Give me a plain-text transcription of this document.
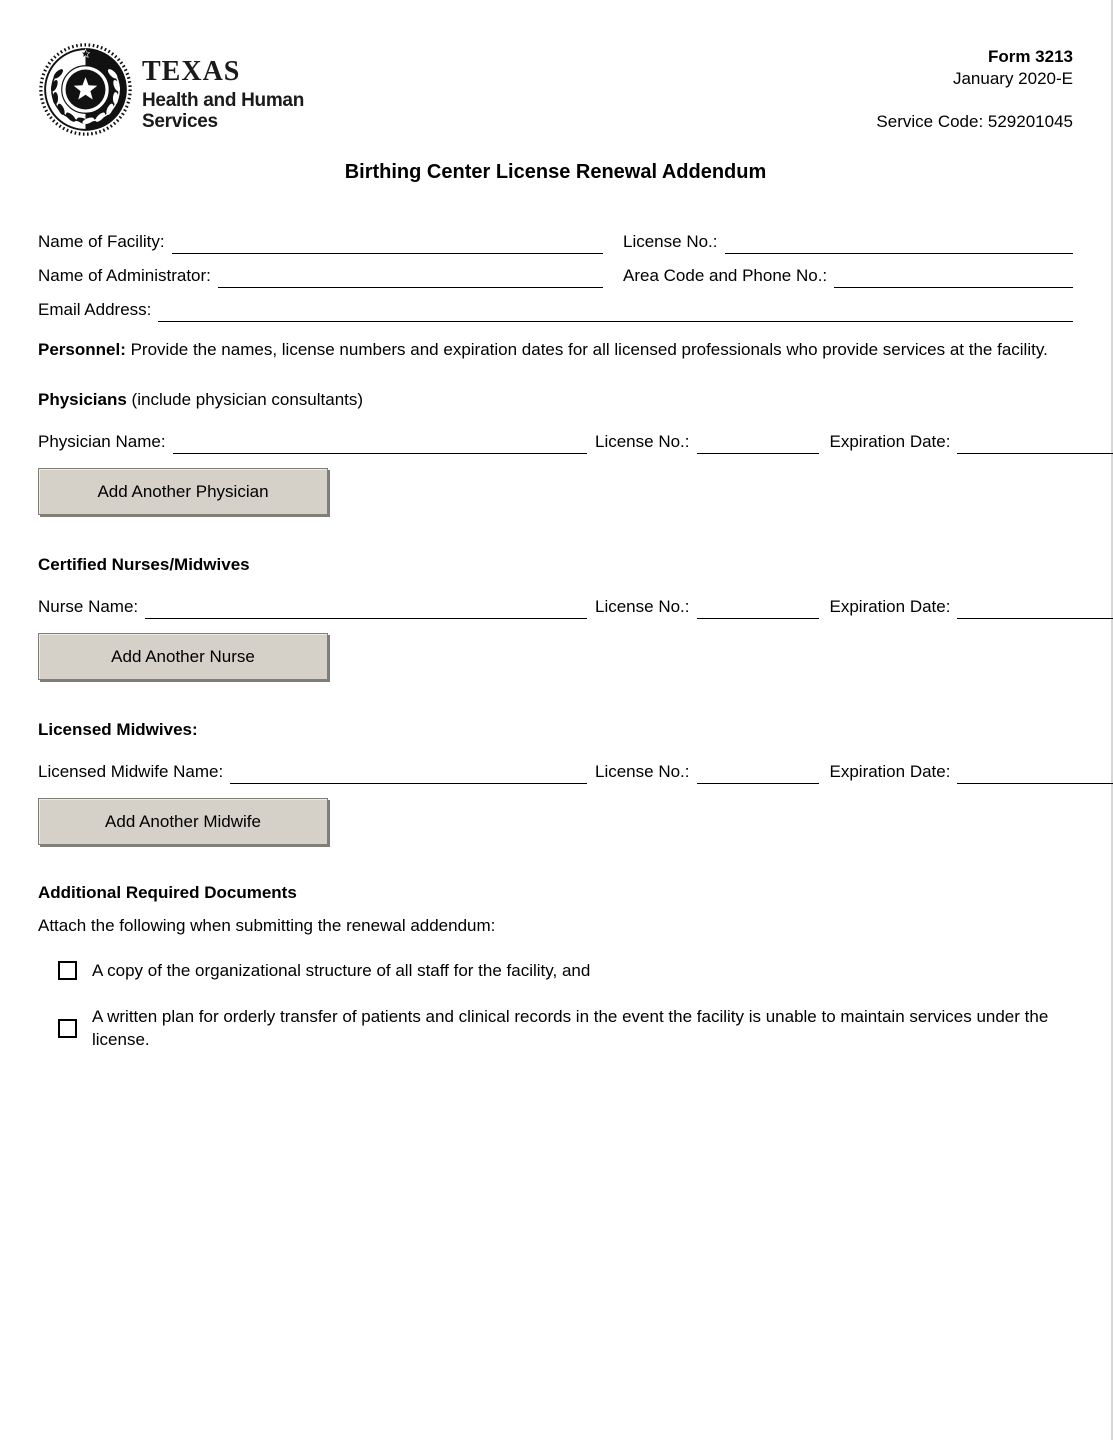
TEXAS
Health and Human
Services
Form 3213
January 2020-E
Service Code: 529201045
Birthing Center License Renewal Addendum
Name of Facility:	License No.:
Name of Administrator:	Area Code and Phone No.:
Email Address:

Personnel: Provide the names, license numbers and expiration dates for all licensed professionals who provide services at the facility.

Physicians (include physician consultants)
Physician Name:	License No.:	Expiration Date:
Add Another Physician
Certified Nurses/Midwives
Nurse Name:	License No.:	Expiration Date:
Add Another Nurse
Licensed Midwives:
Licensed Midwife Name:	License No.:	Expiration Date:
Add Another Midwife
Additional Required Documents

Attach the following when submitting the renewal addendum:

A copy of the organizational structure of all staff for the facility, and
A written plan for orderly transfer of patients and clinical records in the event the facility is unable to maintain services under the license.
